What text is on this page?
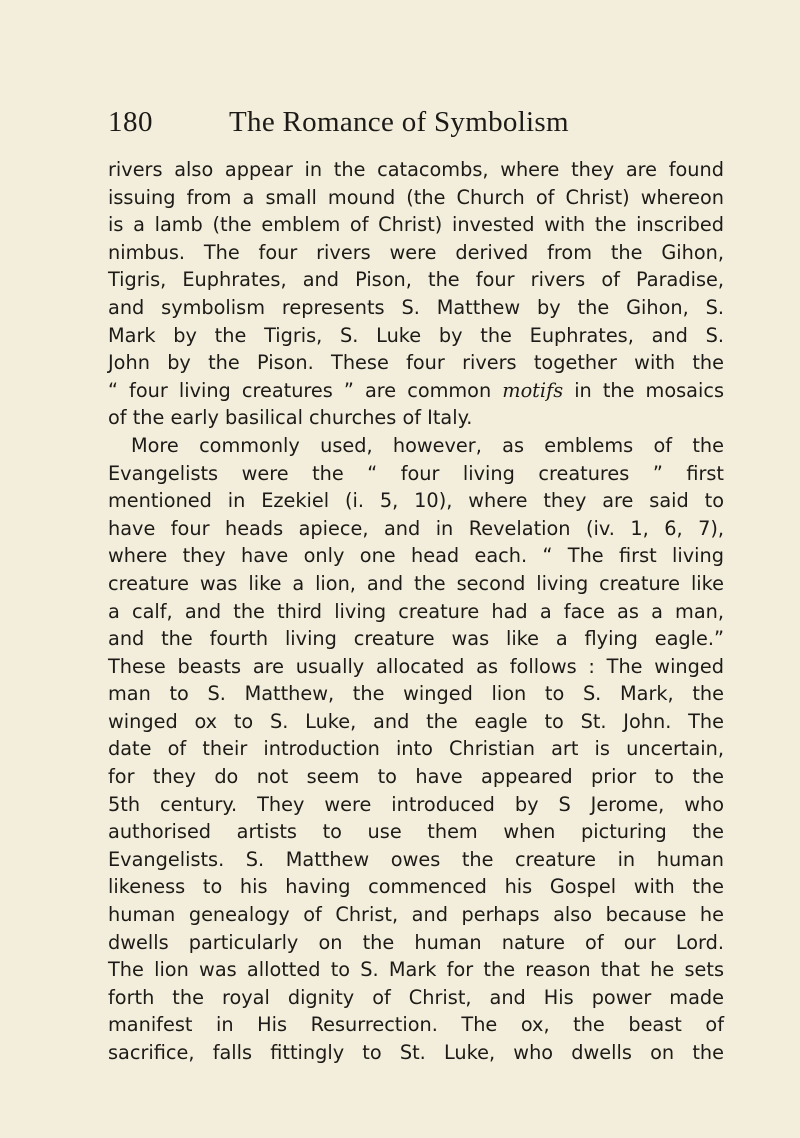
180	The Romance of Symbolism
rivers also appear in the catacombs, where they are found
issuing from a small mound (the Church of Christ) whereon
is a lamb (the emblem of Christ) invested with the inscribed
nimbus. The four rivers were derived from the Gihon,
Tigris, Euphrates, and Pison, the four rivers of Paradise,
and symbolism represents S. Matthew by the Gihon, S.
Mark by the Tigris, S. Luke by the Euphrates, and S.
John by the Pison. These four rivers together with the
“ four living creatures ” are common motifs in the mosaics
of the early basilical churches of Italy.
More commonly used, however, as emblems of the
Evangelists were the “ four living creatures ” first
mentioned in Ezekiel (i. 5, 10), where they are said to
have four heads apiece, and in Revelation (iv. 1, 6, 7),
where they have only one head each. “ The first living
creature was like a lion, and the second living creature like
a calf, and the third living creature had a face as a man,
and the fourth living creature was like a flying eagle.”
These beasts are usually allocated as follows : The winged
man to S. Matthew, the winged lion to S. Mark, the
winged ox to S. Luke, and the eagle to St. John. The
date of their introduction into Christian art is uncertain,
for they do not seem to have appeared prior to the
5th century. They were introduced by S Jerome, who
authorised artists to use them when picturing the
Evangelists. S. Matthew owes the creature in human
likeness to his having commenced his Gospel with the
human genealogy of Christ, and perhaps also because he
dwells particularly on the human nature of our Lord.
The lion was allotted to S. Mark for the reason that he sets
forth the royal dignity of Christ, and His power made
manifest in His Resurrection. The ox, the beast of
sacrifice, falls fittingly to St. Luke, who dwells on the
